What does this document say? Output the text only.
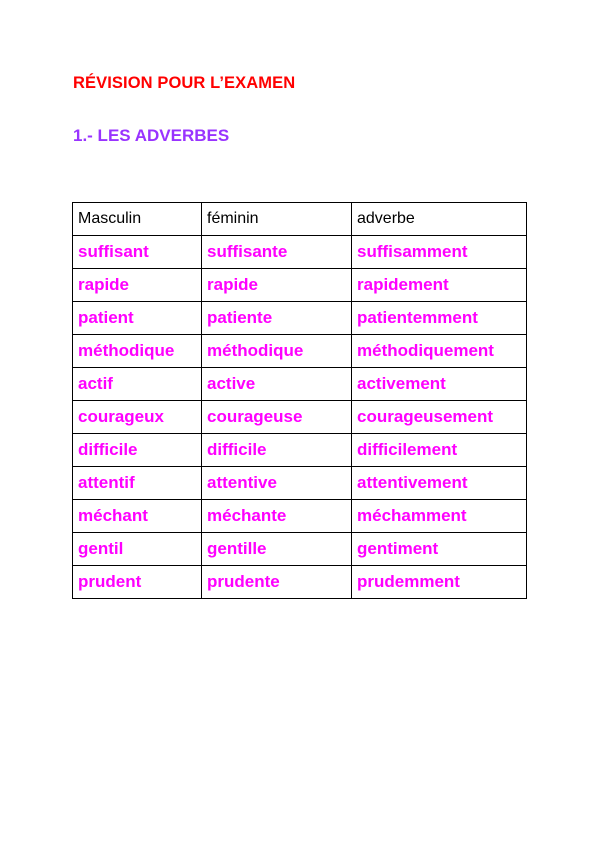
RÉVISION POUR L’EXAMEN
1.- LES ADVERBES
Masculin	féminin	adverbe
suffisant	suffisante	suffisamment
rapide	rapide	rapidement
patient	patiente	patientemment
méthodique	méthodique	méthodiquement
actif	active	activement
courageux	courageuse	courageusement
difficile	difficile	difficilement
attentif	attentive	attentivement
méchant	méchante	méchamment
gentil	gentille	gentiment
prudent	prudente	prudemment
